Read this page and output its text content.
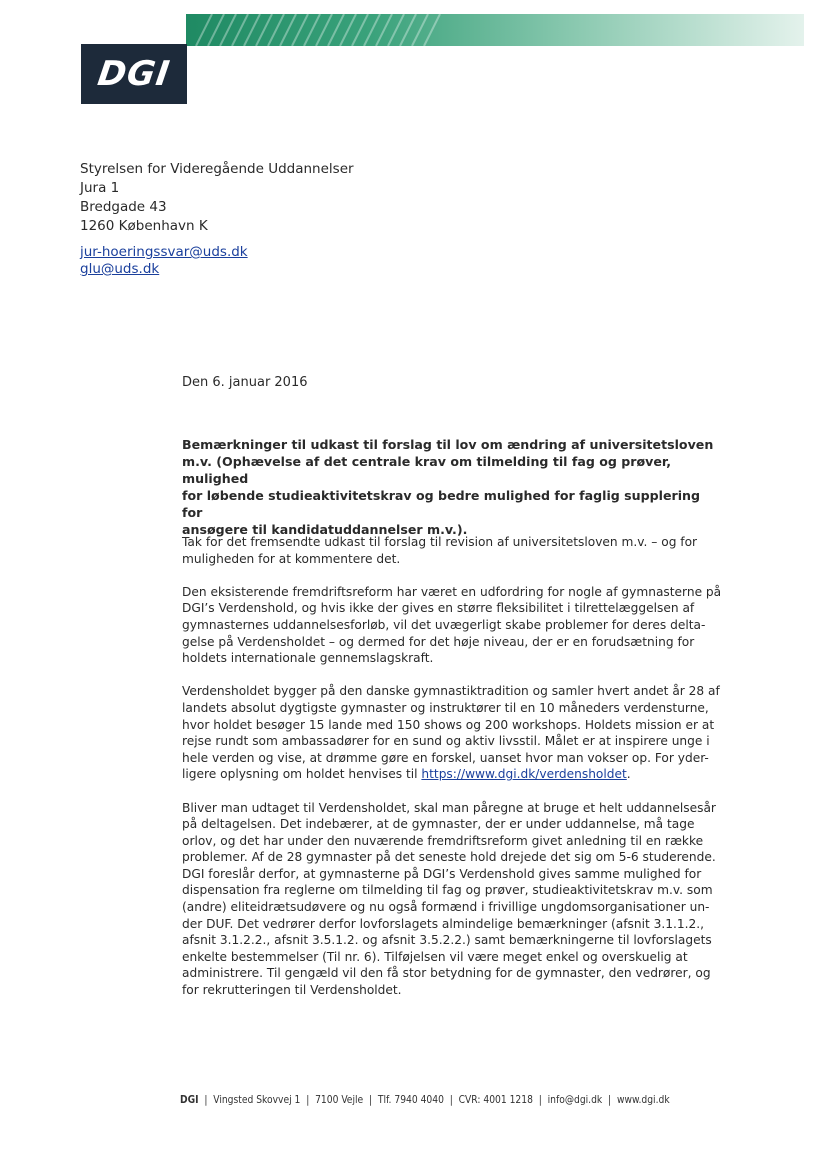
DGI
Styrelsen for Videregående Uddannelser
Jura 1
Bredgade 43
1260 København K
jur-hoeringssvar@uds.dk
glu@uds.dk
Den 6. januar 2016

Bemærkninger til udkast til forslag til lov om ændring af universitetsloven

m.v. (Ophævelse af det centrale krav om tilmelding til fag og prøver, mulighed

for løbende studieaktivitetskrav og bedre mulighed for faglig supplering for

ansøgere til kandidatuddannelser m.v.).

Tak for det fremsendte udkast til forslag til revision af universitetsloven m.v. – og for

muligheden for at kommentere det.

Den eksisterende fremdriftsreform har været en udfordring for nogle af gymnasterne på

DGI’s Verdenshold, og hvis ikke der gives en større fleksibilitet i tilrettelæggelsen af

gymnasternes uddannelsesforløb, vil det uvægerligt skabe problemer for deres delta-

gelse på Verdensholdet – og dermed for det høje niveau, der er en forudsætning for

holdets internationale gennemslagskraft.

Verdensholdet bygger på den danske gymnastiktradition og samler hvert andet år 28 af

landets absolut dygtigste gymnaster og instruktører til en 10 måneders verdensturne,

hvor holdet besøger 15 lande med 150 shows og 200 workshops. Holdets mission er at

rejse rundt som ambassadører for en sund og aktiv livsstil. Målet er at inspirere unge i

hele verden og vise, at drømme gøre en forskel, uanset hvor man vokser op. For yder-

ligere oplysning om holdet henvises til https://www.dgi.dk/verdensholdet.

Bliver man udtaget til Verdensholdet, skal man påregne at bruge et helt uddannelsesår

på deltagelsen. Det indebærer, at de gymnaster, der er under uddannelse, må tage

orlov, og det har under den nuværende fremdriftsreform givet anledning til en række

problemer. Af de 28 gymnaster på det seneste hold drejede det sig om 5-6 studerende.

DGI foreslår derfor, at gymnasterne på DGI’s Verdenshold gives samme mulighed for

dispensation fra reglerne om tilmelding til fag og prøver, studieaktivitetskrav m.v. som

(andre) eliteidrætsudøvere og nu også formænd i frivillige ungdomsorganisationer un-

der DUF. Det vedrører derfor lovforslagets almindelige bemærkninger (afsnit 3.1.1.2.,

afsnit 3.1.2.2., afsnit 3.5.1.2. og afsnit 3.5.2.2.) samt bemærkningerne til lovforslagets

enkelte bestemmelser (Til nr. 6). Tilføjelsen vil være meget enkel og overskuelig at

administrere. Til gengæld vil den få stor betydning for de gymnaster, den vedrører, og

for rekrutteringen til Verdensholdet.

DGI  |  Vingsted Skovvej 1  |  7100 Vejle  |  Tlf. 7940 4040  |  CVR: 4001 1218  |  info@dgi.dk  |  www.dgi.dk
